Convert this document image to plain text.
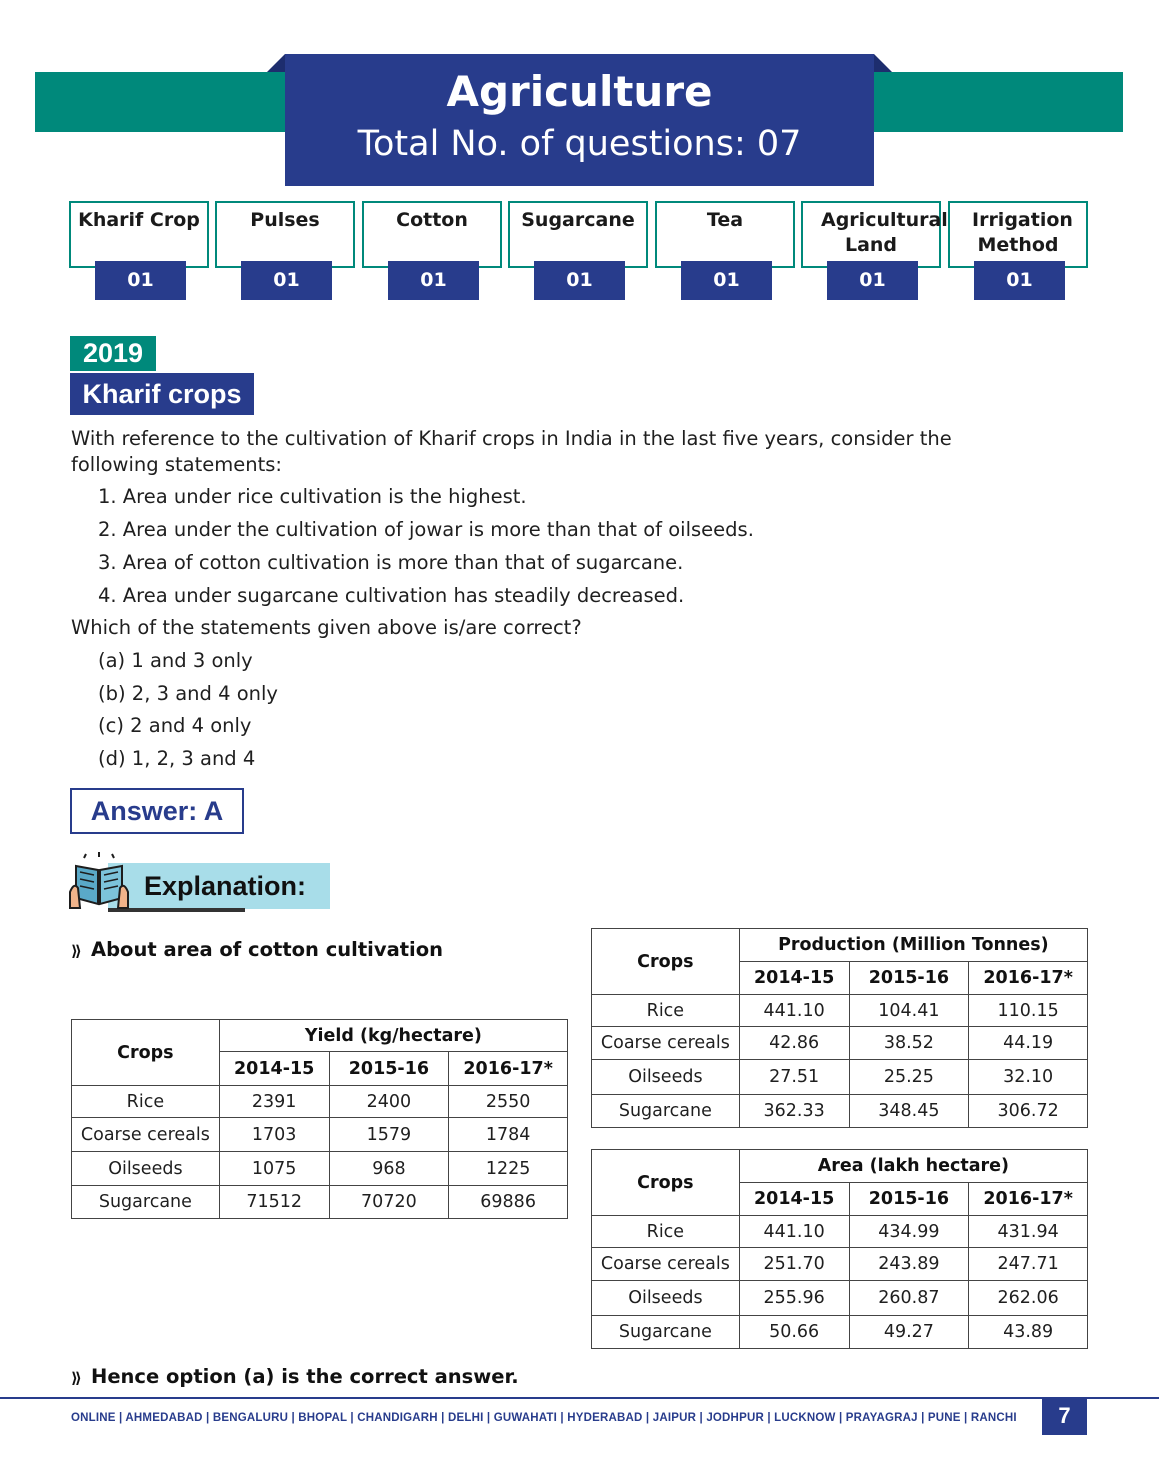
Agriculture
Total No. of questions: 07
Kharif Crop
01
Pulses
01
Cotton
01
Sugarcane
01
Tea
01
Agricultural Land
01
Irrigation Method
01
2019
Kharif crops
With reference to the cultivation of Kharif crops in India in the last five years, consider the
following statements:
1. Area under rice cultivation is the highest.
2. Area under the cultivation of jowar is more than that of oilseeds.
3. Area of cotton cultivation is more than that of sugarcane.
4. Area under sugarcane cultivation has steadily decreased.
Which of the statements given above is/are correct?
(a) 1 and 3 only
(b) 2, 3 and 4 only
(c) 2 and 4 only
(d) 1, 2, 3 and 4
Answer: A
Explanation:
⟫ About area of cotton cultivation
Crops	Yield (kg/hectare)		
	2014-15	2015-16	2016-17*
Rice	2391	2400	2550
Coarse cereals	1703	1579	1784
Oilseeds	1075	968	1225
Sugarcane	71512	70720	69886
Crops	Production (Million Tonnes)		
	2014-15	2015-16	2016-17*
Rice	441.10	104.41	110.15
Coarse cereals	42.86	38.52	44.19
Oilseeds	27.51	25.25	32.10
Sugarcane	362.33	348.45	306.72
Crops	Area (lakh hectare)		
	2014-15	2015-16	2016-17*
Rice	441.10	434.99	431.94
Coarse cereals	251.70	243.89	247.71
Oilseeds	255.96	260.87	262.06
Sugarcane	50.66	49.27	43.89
⟫ Hence option (a) is the correct answer.
ONLINE | AHMEDABAD | BENGALURU | BHOPAL | CHANDIGARH | DELHI | GUWAHATI | HYDERABAD | JAIPUR | JODHPUR | LUCKNOW | PRAYAGRAJ | PUNE | RANCHI	7
